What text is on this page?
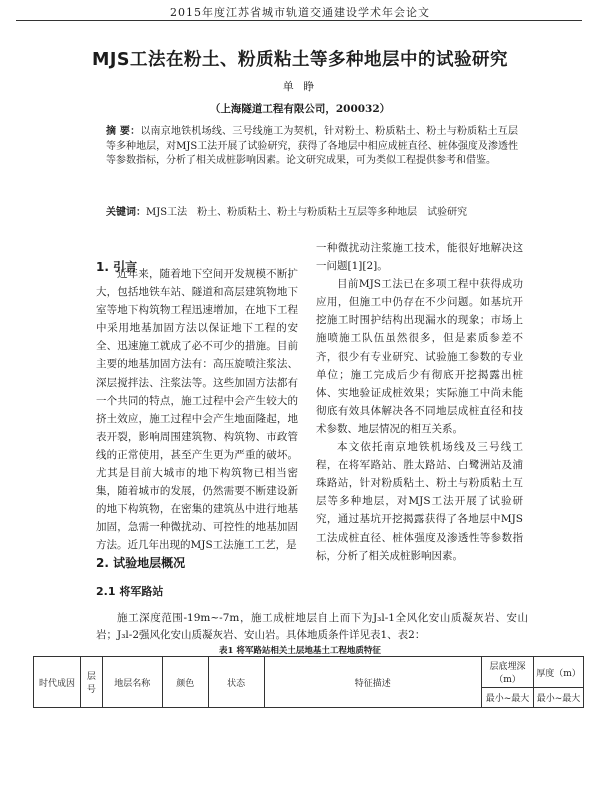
2015年度江苏省城市轨道交通建设学术年会论文
MJS工法在粉土、粉质粘土等多种地层中的试验研究
单 睁
（上海隧道工程有限公司，200032）
摘 要：以南京地铁机场线、三号线施工为契机，针对粉土、粉质粘土、粉土与粉质粘土互层等多种地层，对MJS工法开展了试验研究，获得了各地层中相应成桩直径、桩体强度及渗透性等参数指标，分析了相关成桩影响因素。论文研究成果，可为类似工程提供参考和借鉴。
关键词：MJS工法　粉土、粉质粘土、粉土与粉质粘土互层等多种地层　试验研究
1. 引言

近年来，随着地下空间开发规模不断扩大，包括地铁车站、隧道和高层建筑物地下室等地下构筑物工程迅速增加，在地下工程中采用地基加固方法以保证地下工程的安全、迅速施工就成了必不可少的措施。目前主要的地基加固方法有：高压旋喷注浆法、深层搅拌法、注浆法等。这些加固方法都有一个共同的特点，施工过程中会产生较大的挤土效应，施工过程中会产生地面隆起，地表开裂，影响周围建筑物、构筑物、市政管线的正常使用，甚至产生更为严重的破坏。尤其是目前大城市的地下构筑物已相当密集，随着城市的发展，仍然需要不断建设新的地下构筑物，在密集的建筑丛中进行地基加固，急需一种微扰动、可控性的地基加固方法。近几年出现的MJS工法施工工艺，是

一种微扰动注浆施工技术，能很好地解决这一问题[1][2]。

目前MJS工法已在多项工程中获得成功应用，但施工中仍存在不少问题。如基坑开挖施工时围护结构出现漏水的现象；市场上施喷施工队伍虽然很多，但是素质参差不齐，很少有专业研究、试验施工参数的专业单位；施工完成后少有彻底开挖揭露出桩体、实地验证成桩效果；实际施工中尚未能彻底有效具体解决各不同地层成桩直径和技术参数、地层情况的相互关系。

本文依托南京地铁机场线及三号线工程，在将军路站、胜太路站、白鹭洲站及浦珠路站，针对粉质粘土、粉土与粉质粘土互层等多种地层，对MJS工法开展了试验研究，通过基坑开挖揭露获得了各地层中MJS工法成桩直径、桩体强度及渗透性等参数指标，分析了相关成桩影响因素。

2. 试验地层概况
2.1 将军路站
施工深度范围-19m~-7m，施工成桩地层自上而下为J₃l-1全风化安山质凝灰岩、安山岩；J₃l-2强风化安山质凝灰岩、安山岩。具体地质条件详见表1、表2：
表1 将军路站相关土层地基土工程地质特征
时代成因	层号	地层名称	颜色	状态	特征描述	层底埋深（m）	厚度（m）
						最小~最大	最小~最大
